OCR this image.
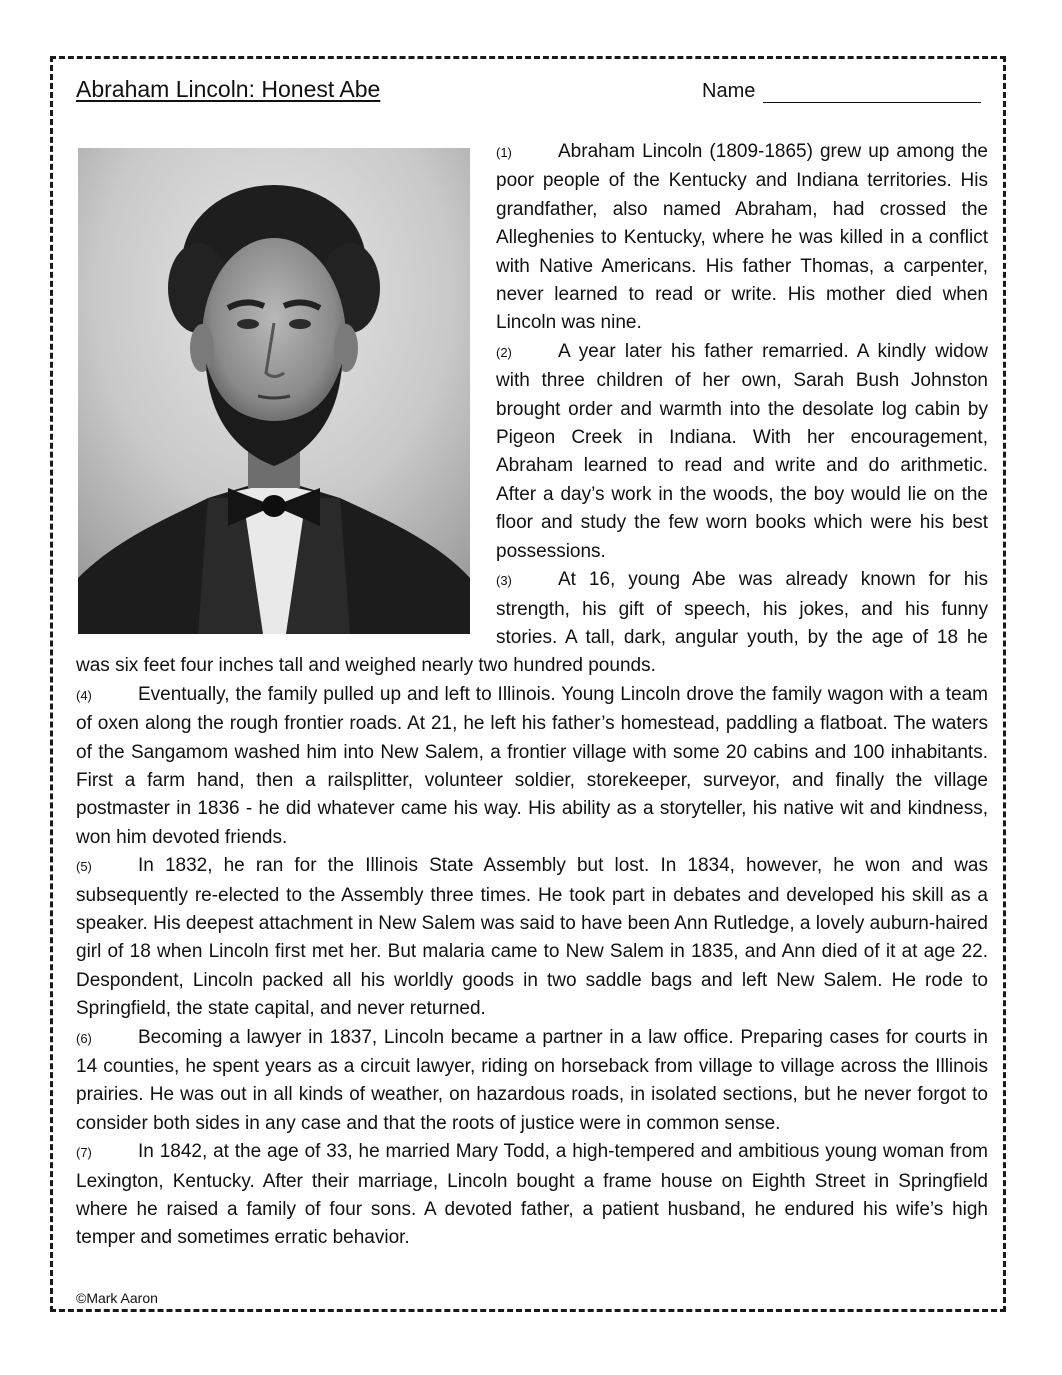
Abraham Lincoln: Honest Abe	Name

(1) Abraham Lincoln (1809-1865) grew up among the poor people of the Kentucky and Indiana territories. His grandfather, also named Abraham, had crossed the Alleghenies to Kentucky, where he was killed in a conflict with Native Americans. His father Thomas, a carpenter, never learned to read or write. His mother died when Lincoln was nine.

(2) A year later his father remarried. A kindly widow with three children of her own, Sarah Bush Johnston brought order and warmth into the desolate log cabin by Pigeon Creek in Indiana. With her encouragement, Abraham learned to read and write and do arithmetic. After a day’s work in the woods, the boy would lie on the floor and study the few worn books which were his best possessions.

(3) At 16, young Abe was already known for his strength, his gift of speech, his jokes, and his funny stories. A tall, dark, angular youth, by the age of 18 he was six feet four inches tall and weighed nearly two hundred pounds.

(4) Eventually, the family pulled up and left to Illinois. Young Lincoln drove the family wagon with a team of oxen along the rough frontier roads. At 21, he left his father’s homestead, paddling a flatboat. The waters of the Sangamom washed him into New Salem, a frontier village with some 20 cabins and 100 inhabitants. First a farm hand, then a railsplitter, volunteer soldier, storekeeper, surveyor, and finally the village postmaster in 1836 - he did whatever came his way. His ability as a storyteller, his native wit and kindness, won him devoted friends.

(5) In 1832, he ran for the Illinois State Assembly but lost. In 1834, however, he won and was subsequently re-elected to the Assembly three times. He took part in debates and developed his skill as a speaker. His deepest attachment in New Salem was said to have been Ann Rutledge, a lovely auburn-haired girl of 18 when Lincoln first met her. But malaria came to New Salem in 1835, and Ann died of it at age 22. Despondent, Lincoln packed all his worldly goods in two saddle bags and left New Salem. He rode to Springfield, the state capital, and never returned.

(6) Becoming a lawyer in 1837, Lincoln became a partner in a law office. Preparing cases for courts in 14 counties, he spent years as a circuit lawyer, riding on horseback from village to village across the Illinois prairies. He was out in all kinds of weather, on hazardous roads, in isolated sections, but he never forgot to consider both sides in any case and that the roots of justice were in common sense.

(7) In 1842, at the age of 33, he married Mary Todd, a high-tempered and ambitious young woman from Lexington, Kentucky. After their marriage, Lincoln bought a frame house on Eighth Street in Springfield where he raised a family of four sons. A devoted father, a patient husband, he endured his wife’s high temper and sometimes erratic behavior.

©Mark Aaron
